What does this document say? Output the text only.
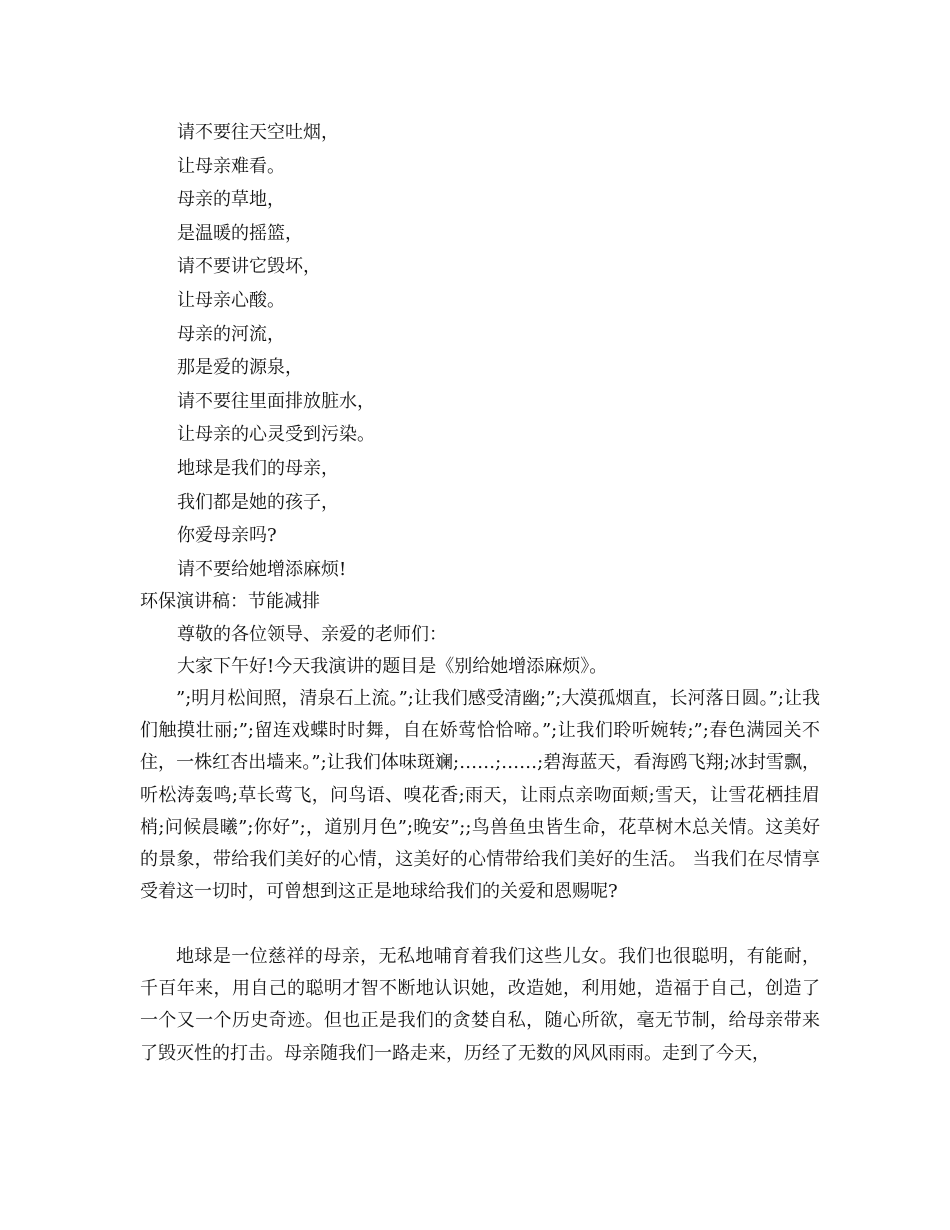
请不要往天空吐烟，
让母亲难看。
母亲的草地，
是温暖的摇篮，
请不要讲它毁坏，
让母亲心酸。
母亲的河流，
那是爱的源泉，
请不要往里面排放脏水，
让母亲的心灵受到污染。
地球是我们的母亲，
我们都是她的孩子，
你爱母亲吗?
请不要给她增添麻烦!
环保演讲稿：节能减排
尊敬的各位领导、亲爱的老师们：
大家下午好!今天我演讲的题目是《别给她增添麻烦》。

”;明月松间照，清泉石上流。”;让我们感受清幽;”;大漠孤烟直，长河落日圆。”;让我们触摸壮丽;”;留连戏蝶时时舞，自在娇莺恰恰啼。”;让我们聆听婉转;”;春色满园关不住，一株红杏出墙来。”;让我们体味斑斓;……;……;碧海蓝天，看海鸥飞翔;冰封雪飘，听松涛轰鸣;草长莺飞，问鸟语、嗅花香;雨天，让雨点亲吻面颊;雪天，让雪花栖挂眉梢;问候晨曦”;你好”;，道别月色”;晚安”;;鸟兽鱼虫皆生命，花草树木总关情。这美好的景象，带给我们美好的心情，这美好的心情带给我们美好的生活。 当我们在尽情享受着这一切时，可曾想到这正是地球给我们的关爱和恩赐呢?

地球是一位慈祥的母亲，无私地哺育着我们这些儿女。我们也很聪明，有能耐，千百年来，用自己的聪明才智不断地认识她，改造她，利用她，造福于自己，创造了一个又一个历史奇迹。但也正是我们的贪婪自私，随心所欲，毫无节制，给母亲带来了毁灭性的打击。母亲随我们一路走来，历经了无数的风风雨雨。走到了今天，
